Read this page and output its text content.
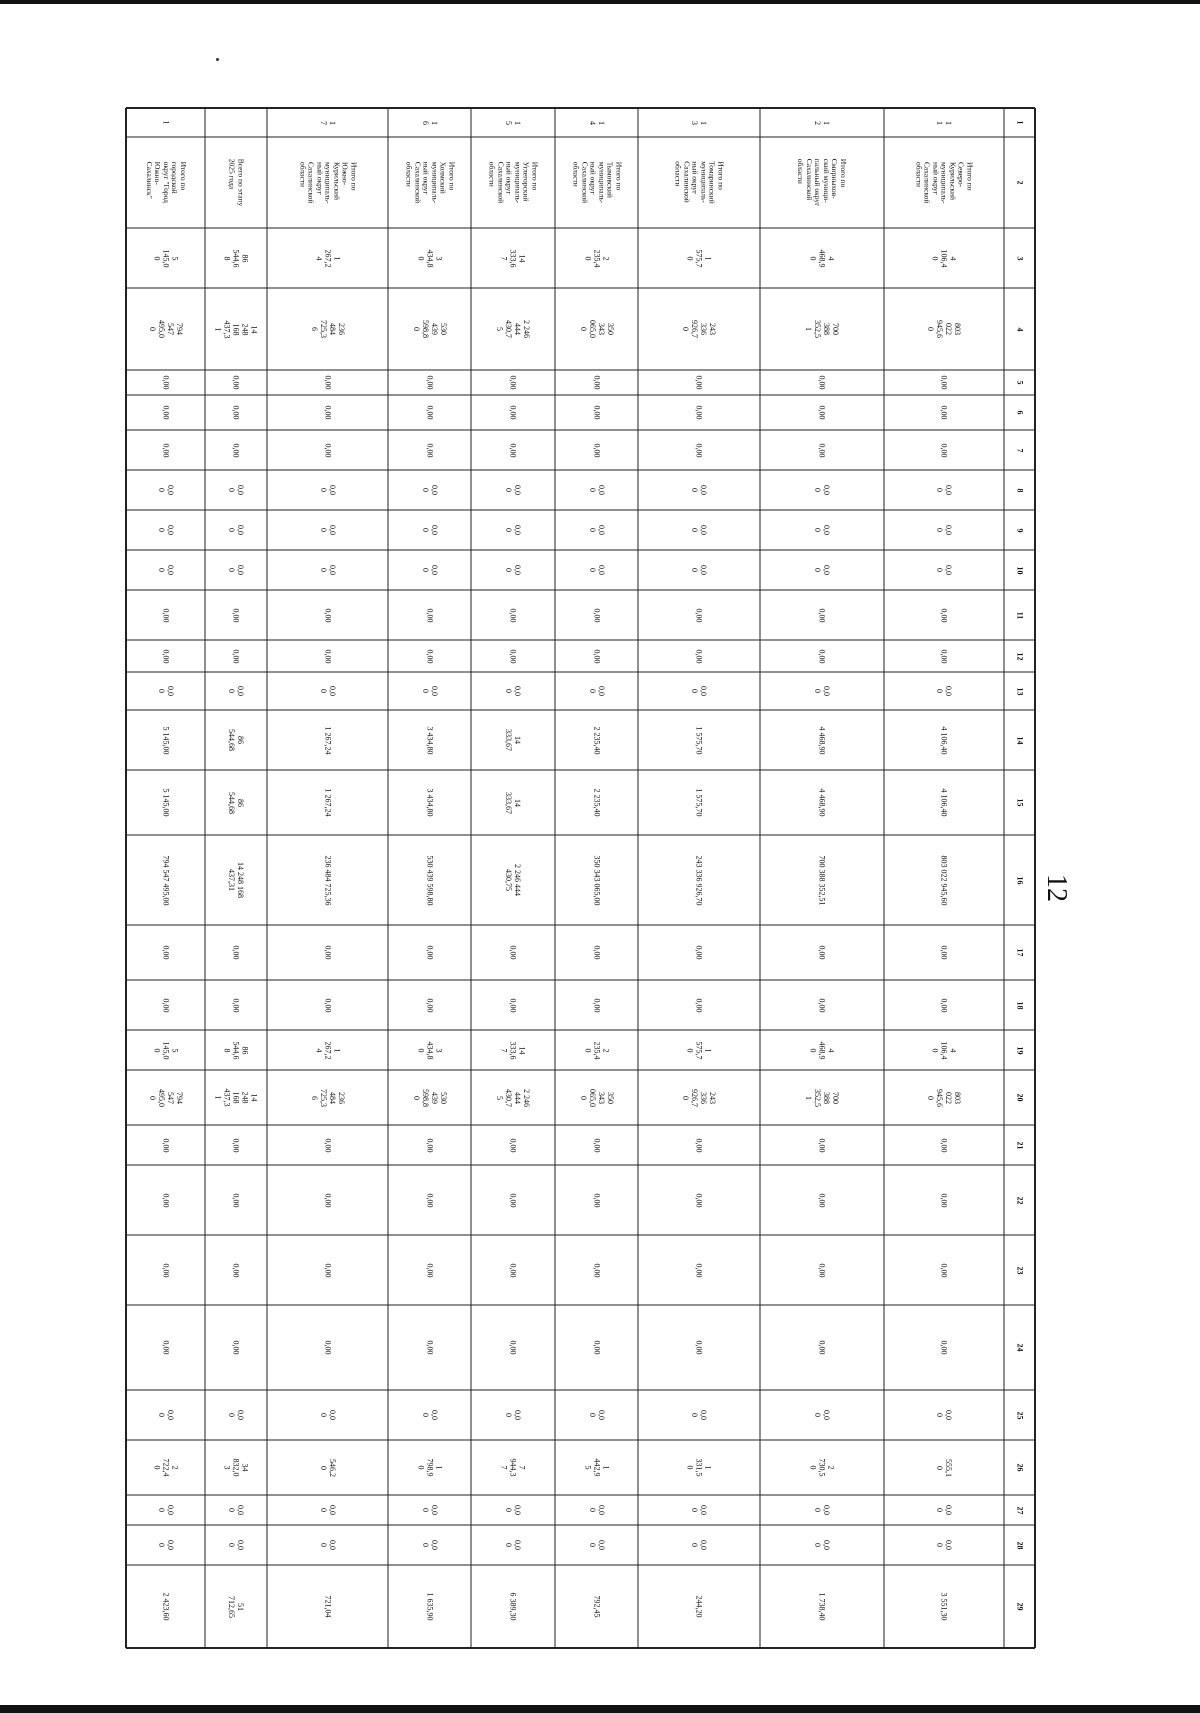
12
1
2
3
4
5
6
7
8
9
10
11
12
13
14
15
16
17
18
19
20
21
22
23
24
25
26
27
28
29
1
1
Итого по
Северо-
Курильский
муниципаль-
ный округ
Сахалинской
области
4
106,4
0
803
022
945,6
0
0,00
0,00
0,00
0,0
0
0,0
0
0,0
0
0,00
0,00
0,0
0
4 106,40
4 106,40
803 022 945,60
0,00
0,00
4
106,4
0
803
022
945,6
0
0,00
0,00
0,00
0,00
0,0
0
555,1
0
0,0
0
0,0
0
3 551,30
1
2
Итого по
Смирныхов-
ский муници-
пальный округ
Сахалинской
области
4
468,9
0
700
388
352,5
1
0,00
0,00
0,00
0,0
0
0,0
0
0,0
0
0,00
0,00
0,0
0
4 468,90
4 468,90
700 388 352,51
0,00
0,00
4
468,9
0
700
388
352,5
1
0,00
0,00
0,00
0,00
0,0
0
2
730,5
0
0,0
0
0,0
0
1 738,40
1
3
Итого по
Томаринский
муниципаль-
ный округ
Сахалинской
области
1
575,7
0
243
336
926,7
0
0,00
0,00
0,00
0,0
0
0,0
0
0,0
0
0,00
0,00
0,0
0
1 575,70
1 575,70
243 336 926,70
0,00
0,00
1
575,7
0
243
336
926,7
0
0,00
0,00
0,00
0,00
0,0
0
1
331,5
0
0,0
0
0,0
0
244,20
1
4
Итого по
Тымовский
муниципаль-
ный округ
Сахалинской
области
2
235,4
0
350
343
065,0
0
0,00
0,00
0,00
0,0
0
0,0
0
0,0
0
0,00
0,00
0,0
0
2 235,40
2 235,40
350 343 065,00
0,00
0,00
2
235,4
0
350
343
065,0
0
0,00
0,00
0,00
0,00
0,0
0
1
442,9
5
0,0
0
0,0
0
792,45
1
5
Итого по
Углегорский
муниципаль-
ный округ
Сахалинской
области
14
333,6
7
2 246
444
430,7
5
0,00
0,00
0,00
0,0
0
0,0
0
0,0
0
0,00
0,00
0,0
0
14
333,67
14
333,67
2 246 444
430,75
0,00
0,00
14
333,6
7
2 246
444
430,7
5
0,00
0,00
0,00
0,00
0,0
0
7
944,3
7
0,0
0
0,0
0
6 389,30
1
6
Итого по
Холмский
муниципаль-
ный округ
Сахалинской
области
3
434,8
0
530
439
598,8
0
0,00
0,00
0,00
0,0
0
0,0
0
0,0
0
0,00
0,00
0,0
0
3 434,80
3 434,80
530 439 598,80
0,00
0,00
3
434,8
0
530
439
598,8
0
0,00
0,00
0,00
0,00
0,0
0
1
798,9
0
0,0
0
0,0
0
1 635,90
1
7
Итого по
Южно-
Курильский
муниципаль-
ный округ
Сахалинской
области
1
267,2
4
236
484
725,3
6
0,00
0,00
0,00
0,0
0
0,0
0
0,0
0
0,00
0,00
0,0
0
1 267,24
1 267,24
236 484 725,36
0,00
0,00
1
267,2
4
236
484
725,3
6
0,00
0,00
0,00
0,00
0,0
0
546,2
0
0,0
0
0,0
0
721,04
Всего по этапу
2025 года
86
544,6
8
14
248
168
437,3
1
0,00
0,00
0,00
0,0
0
0,0
0
0,0
0
0,00
0,00
0,0
0
86
544,68
86
544,68
14 248 168
437,31
0,00
0,00
86
544,6
8
14
248
168
437,3
1
0,00
0,00
0,00
0,00
0,0
0
34
832,0
3
0,0
0
0,0
0
51
712,65
1
Итого по
городской
округ "Город
Южно-
Сахалинск"
5
145,0
0
794
547
495,0
0
0,00
0,00
0,00
0,0
0
0,0
0
0,0
0
0,00
0,00
0,0
0
5 145,00
5 145,00
794 547 495,00
0,00
0,00
5
145,0
0
794
547
495,0
0
0,00
0,00
0,00
0,00
0,0
0
2
722,4
0
0,0
0
0,0
0
2 423,60
